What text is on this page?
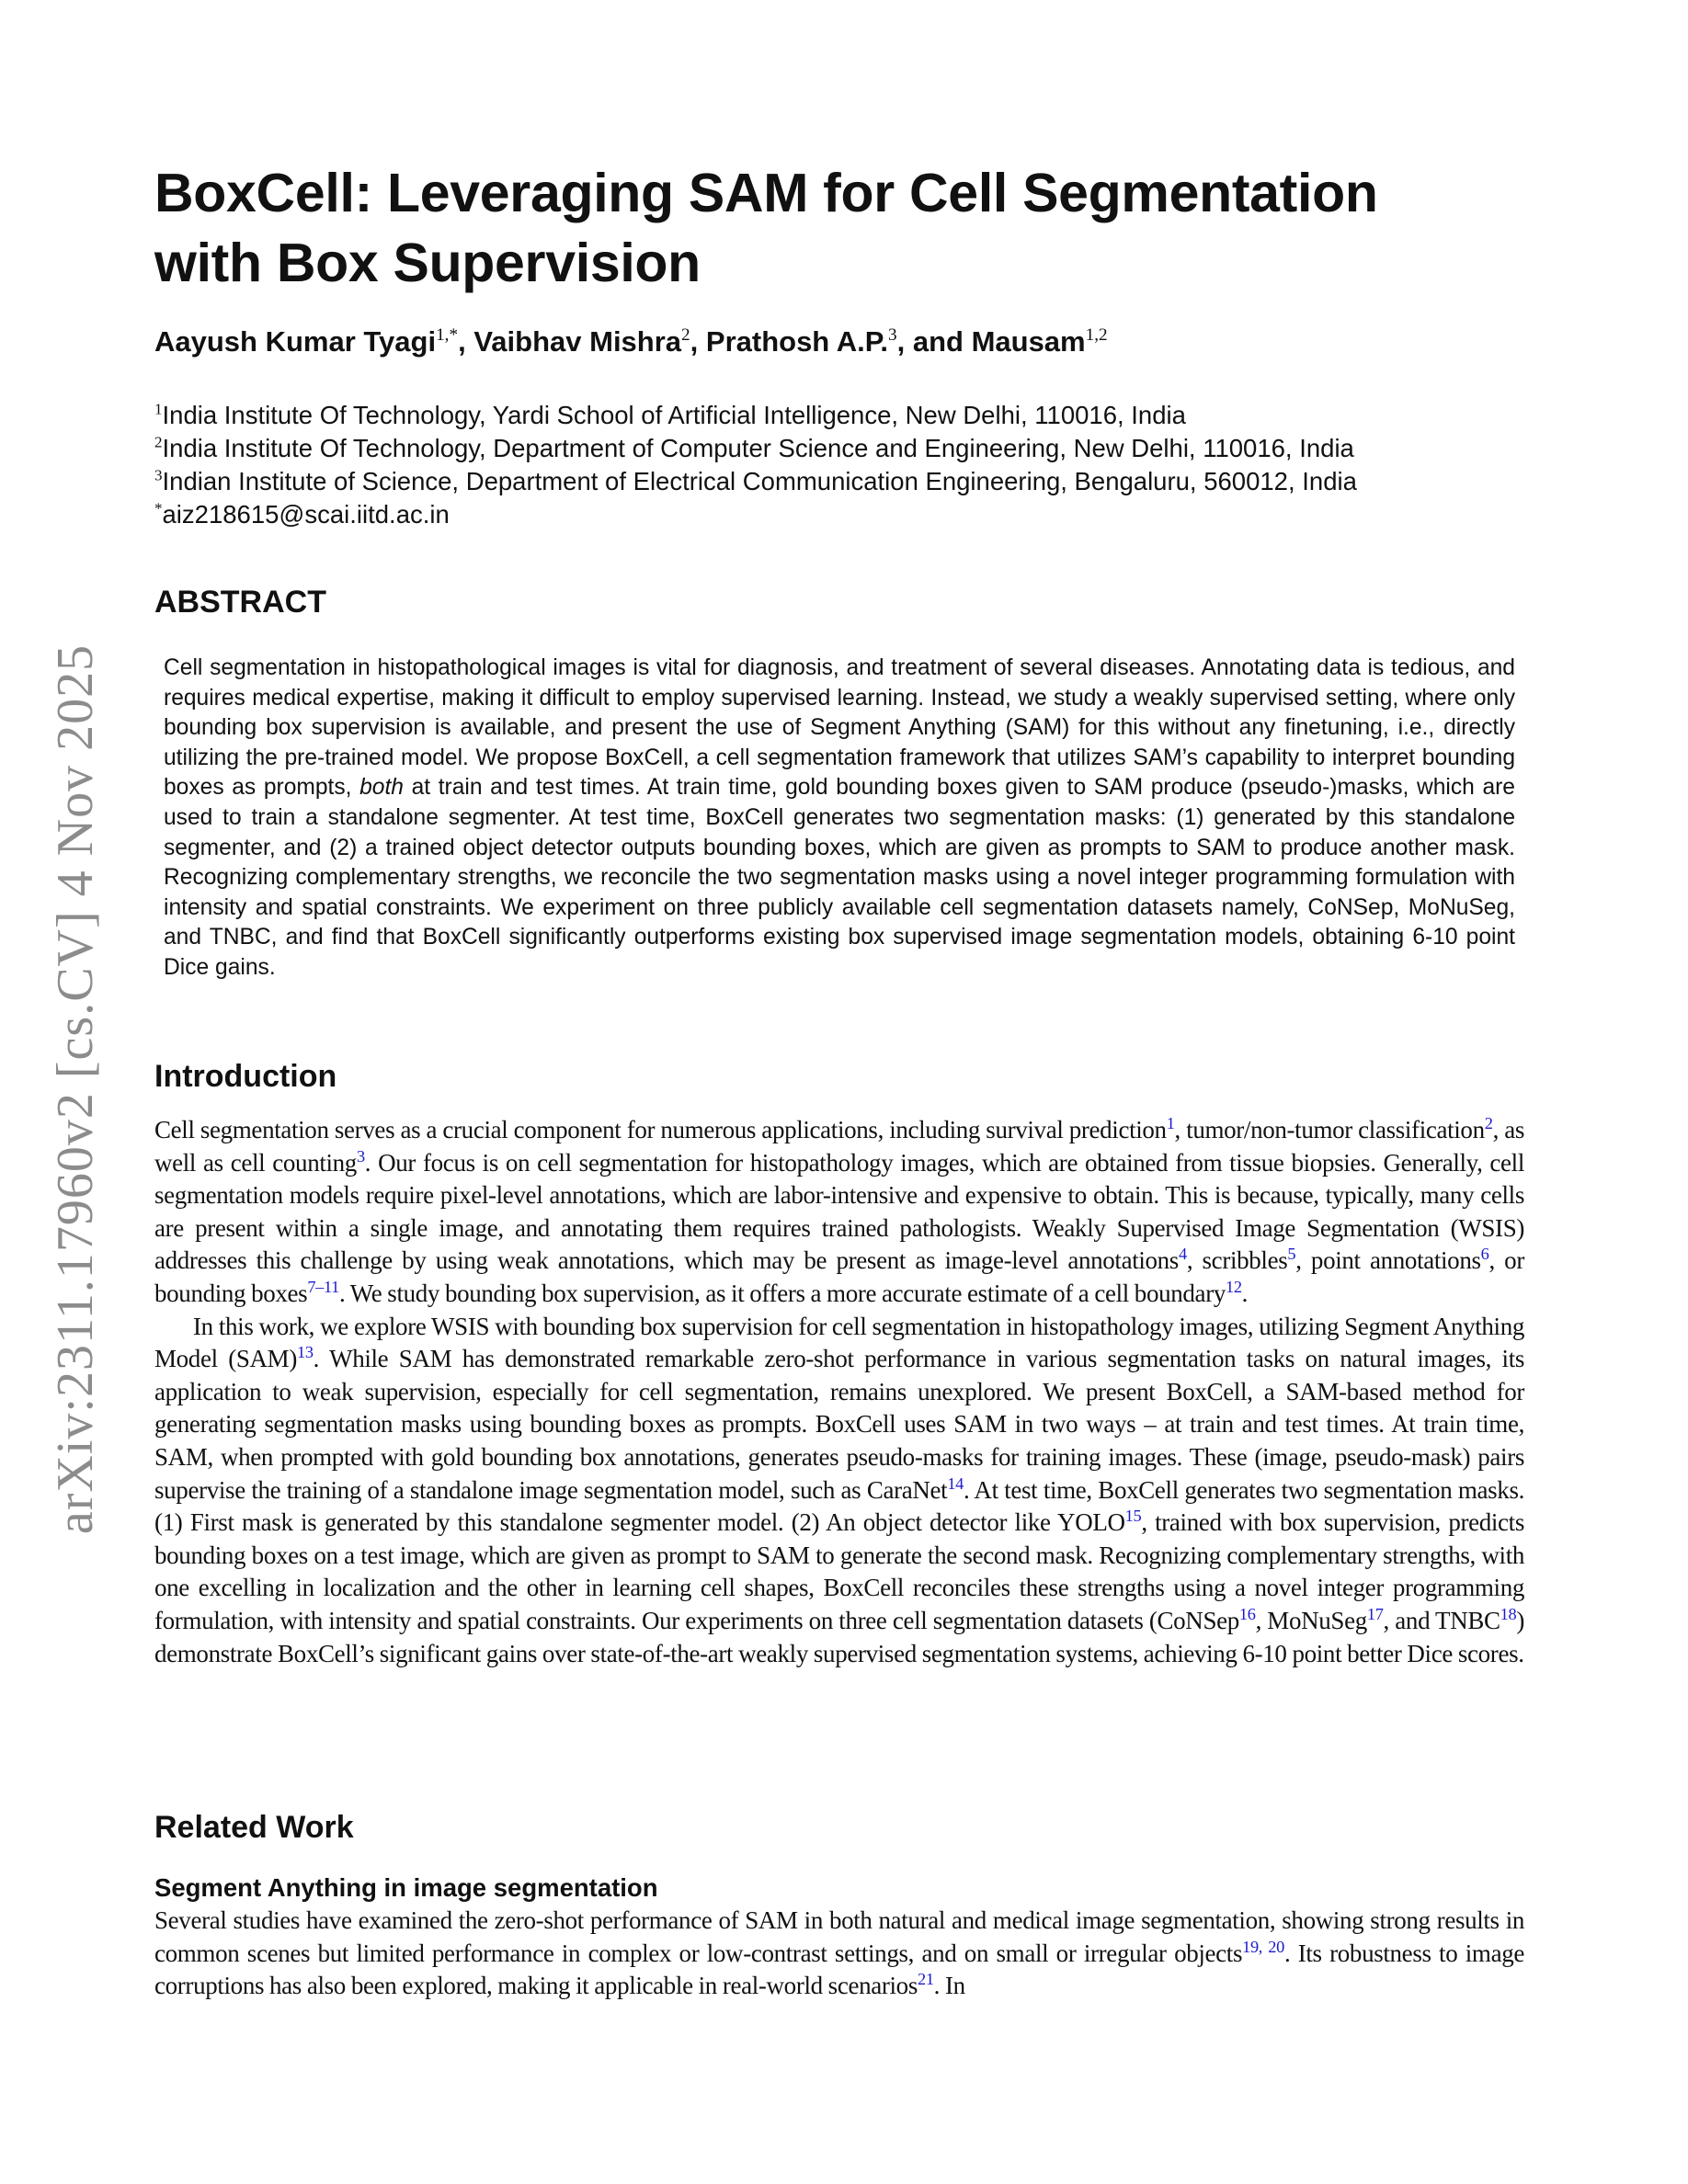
arXiv:2311.17960v2 [cs.CV] 4 Nov 2025
BoxCell: Leveraging SAM for Cell Segmentation
with Box Supervision
Aayush Kumar Tyagi$^{1,*}$, Vaibhav Mishra$^2$, Prathosh A.P.$^3$, and Mausam$^{1,2}$
$^1$India Institute Of Technology, Yardi School of Artificial Intelligence, New Delhi, 110016, India
$^2$India Institute Of Technology, Department of Computer Science and Engineering, New Delhi, 110016, India
$^3$Indian Institute of Science, Department of Electrical Communication Engineering, Bengaluru, 560012, India
*aiz218615@scai.iitd.ac.in
ABSTRACT

Cell segmentation in histopathological images is vital for diagnosis, and treatment of several diseases. Annotating data is tedious, and requires medical expertise, making it difficult to employ supervised learning. Instead, we study a weakly supervised setting, where only bounding box supervision is available, and present the use of Segment Anything (SAM) for this without any finetuning, i.e., directly utilizing the pre-trained model. We propose BoxCell, a cell segmentation framework that utilizes SAM’s capability to interpret bounding boxes as prompts, both at train and test times. At train time, gold bounding boxes given to SAM produce (pseudo-)masks, which are used to train a standalone segmenter. At test time, BoxCell generates two segmentation masks: (1) generated by this standalone segmenter, and (2) a trained object detector outputs bounding boxes, which are given as prompts to SAM to produce another mask. Recognizing complementary strengths, we reconcile the two segmentation masks using a novel integer programming formulation with intensity and spatial constraints. We experiment on three publicly available cell segmentation datasets namely, CoNSep, MoNuSeg, and TNBC, and find that BoxCell significantly outperforms existing box supervised image segmentation models, obtaining 6-10 point Dice gains.

Introduction

Cell segmentation serves as a crucial component for numerous applications, including survival prediction$^1$, tumor/non-tumor classification$^2$, as well as cell counting$^3$. Our focus is on cell segmentation for histopathology images, which are obtained from tissue biopsies. Generally, cell segmentation models require pixel-level annotations, which are labor-intensive and expensive to obtain. This is because, typically, many cells are present within a single image, and annotating them requires trained pathologists. Weakly Supervised Image Segmentation (WSIS) addresses this challenge by using weak annotations, which may be present as image-level annotations$^4$, scribbles$^5$, point annotations$^6$, or bounding boxes$^{7-11}$. We study bounding box supervision, as it offers a more accurate estimate of a cell boundary$^{12}$.

In this work, we explore WSIS with bounding box supervision for cell segmentation in histopathology images, utilizing Segment Anything Model (SAM)$^{13}$. While SAM has demonstrated remarkable zero-shot performance in various segmentation tasks on natural images, its application to weak supervision, especially for cell segmentation, remains unexplored. We present BoxCell, a SAM-based method for generating segmentation masks using bounding boxes as prompts. BoxCell uses SAM in two ways – at train and test times. At train time, SAM, when prompted with gold bounding box annotations, generates pseudo-masks for training images. These (image, pseudo-mask) pairs supervise the training of a standalone image segmentation model, such as CaraNet$^{14}$. At test time, BoxCell generates two segmentation masks. (1) First mask is generated by this standalone segmenter model. (2) An object detector like YOLO$^{15}$, trained with box supervision, predicts bounding boxes on a test image, which are given as prompt to SAM to generate the second mask. Recognizing complementary strengths, with one excelling in localization and the other in learning cell shapes, BoxCell reconciles these strengths using a novel integer programming formulation, with intensity and spatial constraints. Our experiments on three cell segmentation datasets (CoNSep$^{16}$, MoNuSeg$^{17}$, and TNBC$^{18}$) demonstrate BoxCell’s significant gains over state-of-the-art weakly supervised segmentation systems, achieving 6-10 point better Dice scores.

Related Work
Segment Anything in image segmentation

Several studies have examined the zero-shot performance of SAM in both natural and medical image segmentation, showing strong results in common scenes but limited performance in complex or low-contrast settings, and on small or irregular objects$^{19, 20}$. Its robustness to image corruptions has also been explored, making it applicable in real-world scenarios$^{21}$. In
